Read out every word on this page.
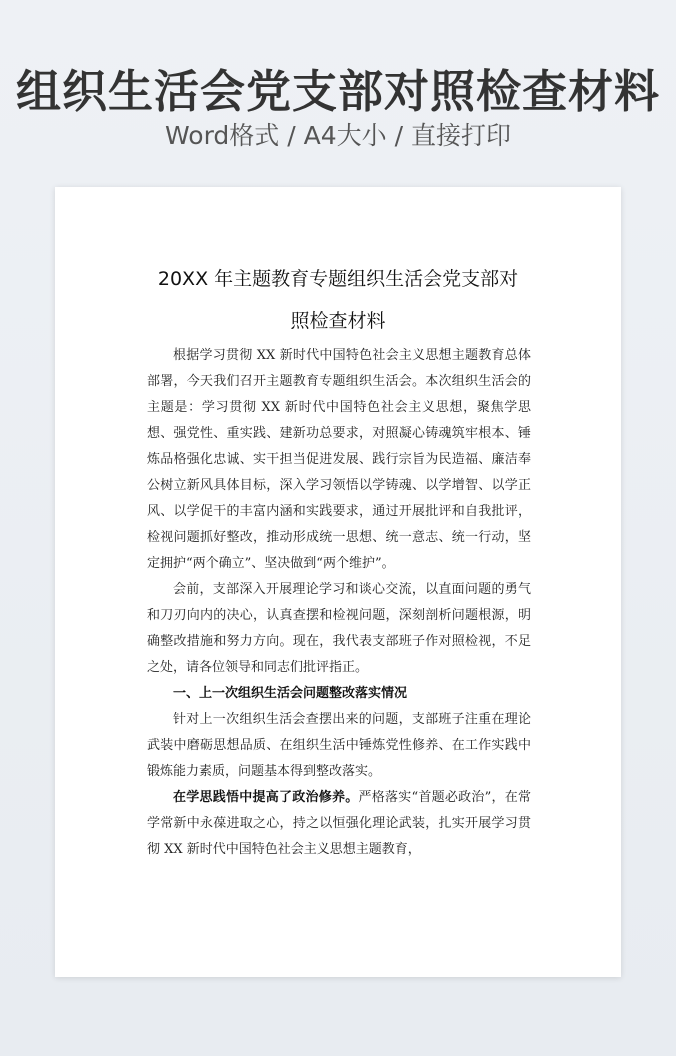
组织生活会党支部对照检查材料
Word格式 / A4大小 / 直接打印
20XX 年主题教育专题组织生活会党支部对
照检查材料

根据学习贯彻 XX 新时代中国特色社会主义思想主题教育总体部署，今天我们召开主题教育专题组织生活会。本次组织生活会的主题是：学习贯彻 XX 新时代中国特色社会主义思想，聚焦学思想、强党性、重实践、建新功总要求，对照凝心铸魂筑牢根本、锤炼品格强化忠诚、实干担当促进发展、践行宗旨为民造福、廉洁奉公树立新风具体目标，深入学习领悟以学铸魂、以学增智、以学正风、以学促干的丰富内涵和实践要求，通过开展批评和自我批评，检视问题抓好整改，推动形成统一思想、统一意志、统一行动，坚定拥护“两个确立”、坚决做到“两个维护”。

会前，支部深入开展理论学习和谈心交流，以直面问题的勇气和刀刃向内的决心，认真查摆和检视问题，深刻剖析问题根源，明确整改措施和努力方向。现在，我代表支部班子作对照检视，不足之处，请各位领导和同志们批评指正。

一、上一次组织生活会问题整改落实情况

针对上一次组织生活会查摆出来的问题，支部班子注重在理论武装中磨砺思想品质、在组织生活中锤炼党性修养、在工作实践中锻炼能力素质，问题基本得到整改落实。

在学思践悟中提高了政治修养。严格落实“首题必政治”，在常学常新中永葆进取之心，持之以恒强化理论武装，扎实开展学习贯彻 XX 新时代中国特色社会主义思想主题教育，
